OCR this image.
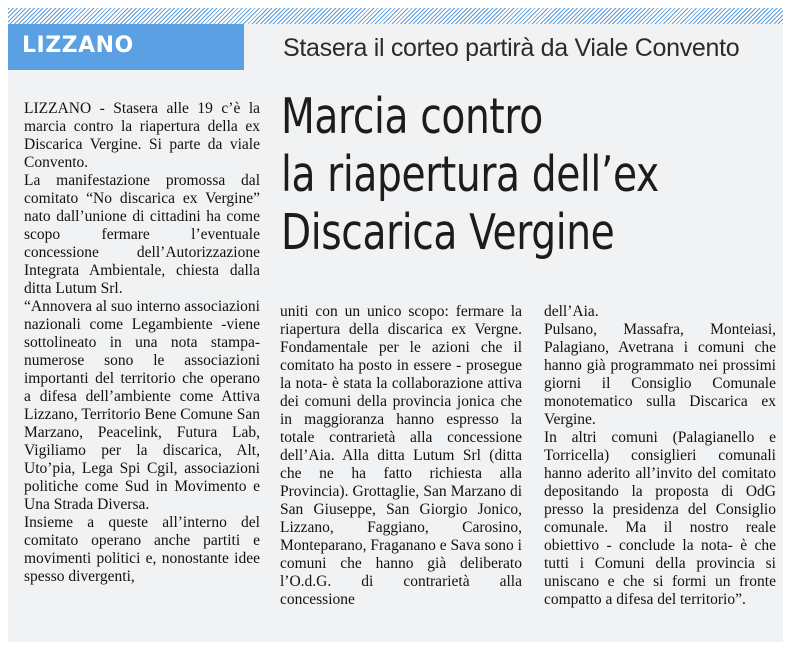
LIZZANO	Stasera il corteo partirà da Viale Convento
Marcia contro
la riapertura dell’ex
Discarica Vergine

LIZZANO - Stasera alle 19 c’è la marcia contro la riapertura della ex Discarica Vergine. Si parte da viale Convento.

La manifestazione promossa dal comitato “No discarica ex Vergine” nato dall’unione di cittadini ha come scopo fermare l’eventuale concessione dell’Autorizzazione Integrata Ambientale, chiesta dalla ditta Lutum Srl.

“Annovera al suo interno associazioni nazionali come Legambiente -viene sottolineato in una nota stampa- numerose sono le associazioni importanti del territorio che operano a difesa dell’ambiente come Attiva Lizzano, Territorio Bene Comune San Marzano, Peacelink, Futura Lab, Vigiliamo per la discarica, Alt, Uto’pia, Lega Spi Cgil, associazioni politiche come Sud in Movimento e Una Strada Diversa.

Insieme a queste all’interno del comitato operano anche partiti e movimenti politici e, nonostante idee spesso divergenti,

uniti con un unico scopo: fermare la riapertura della discarica ex Vergne. Fondamentale per le azioni che il comitato ha posto in essere - prosegue la nota- è stata la collaborazione attiva dei comuni della provincia jonica che in maggioranza hanno espresso la totale contrarietà alla concessione dell’Aia. Alla ditta Lutum Srl (ditta che ne ha fatto richiesta alla Provincia). Grottaglie, San Marzano di San Giuseppe, San Giorgio Jonico, Lizzano, Faggiano, Carosino, Monteparano, Fraganano e Sava sono i comuni che hanno già deliberato l’O.d.G. di contrarietà alla concessione

dell’Aia.

Pulsano, Massafra, Monteiasi, Palagiano, Avetrana i comuni che hanno già programmato nei prossimi giorni il Consiglio Comunale monotematico sulla Discarica ex Vergine.

In altri comuni (Palagianello e Torricella) consiglieri comunali hanno aderito all’invito del comitato depositando la proposta di OdG presso la presidenza del Consiglio comunale. Ma il nostro reale obiettivo - conclude la nota- è che tutti i Comuni della provincia si uniscano e che si formi un fronte compatto a difesa del territorio”.
